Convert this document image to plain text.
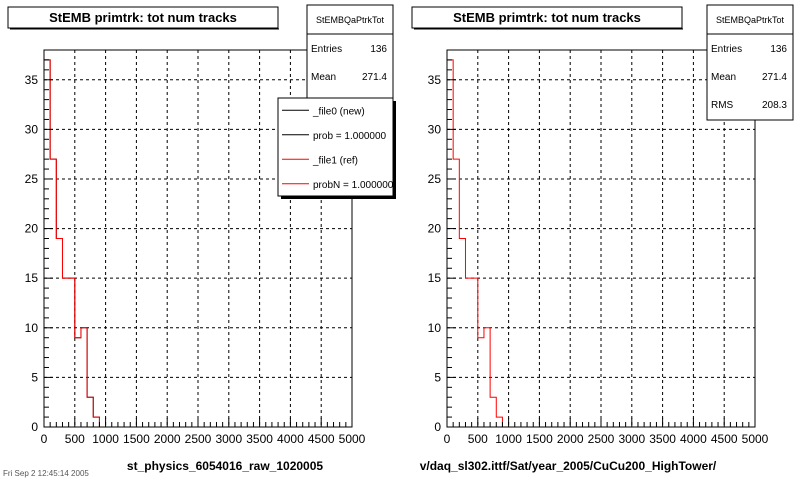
0 500 1000 1500 2000 2500 3000 3500 4000 4500 5000
0
5
10
15
20
25
30
35
st_physics_6054016_raw_1020005
StEMB primtrk: tot num tracks	StEMBQaPtrkTot
Entries	136
Mean	271.4
_file0 (new)
prob = 1.000000
_file1 (ref)
probN = 1.000000
0 500 1000 1500 2000 2500 3000 3500 4000 4500 5000
0
5
10
15
20
25
30
35
v/daq_sl302.ittf/Sat/year_2005/CuCu200_HighTower/
StEMB primtrk: tot num tracks	StEMBQaPtrkTot
Entries	136
Mean	271.4
RMS	208.3
Fri Sep 2 12:45:14 2005
